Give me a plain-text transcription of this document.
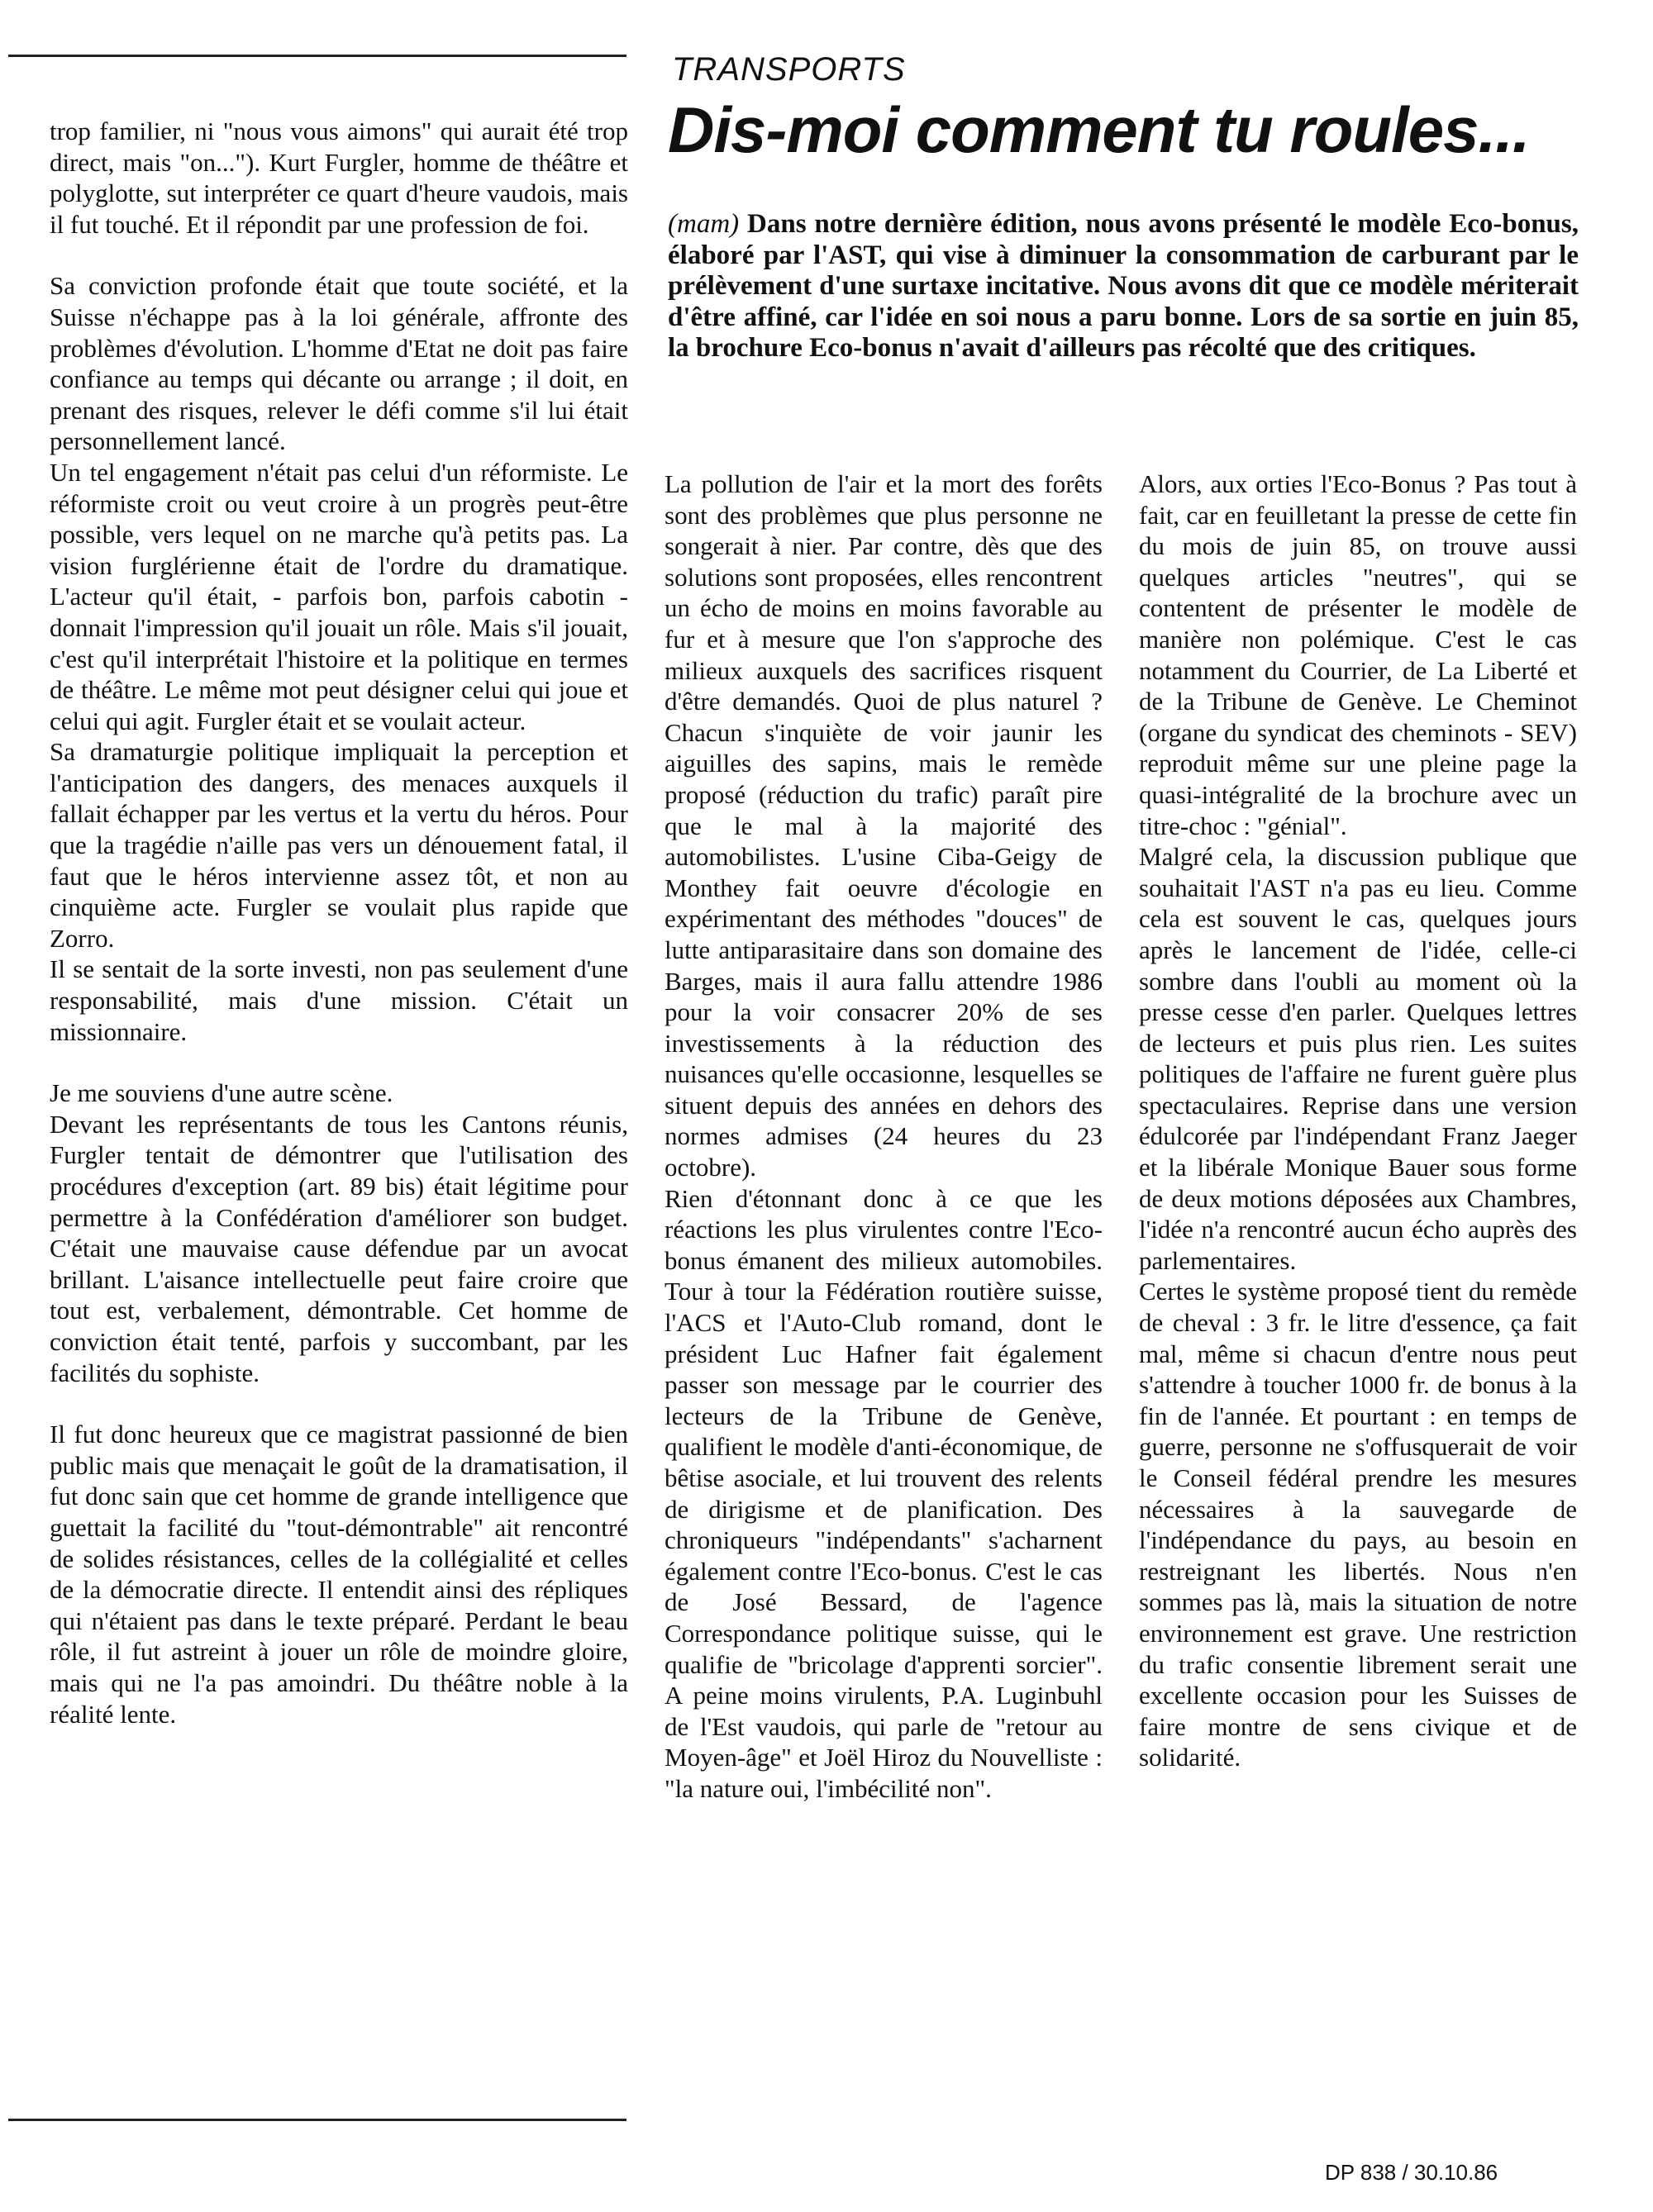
trop familier, ni "nous vous aimons" qui aurait été trop direct, mais "on..."). Kurt Furgler, homme de théâtre et polyglotte, sut interpréter ce quart d'heure vaudois, mais il fut touché. Et il répondit par une profession de foi.

Sa conviction profonde était que toute société, et la Suisse n'échappe pas à la loi générale, affronte des problèmes d'évolution. L'homme d'Etat ne doit pas faire confiance au temps qui décante ou arrange ; il doit, en prenant des risques, relever le défi comme s'il lui était personnellement lancé.

Un tel engagement n'était pas celui d'un réformiste. Le réformiste croit ou veut croire à un progrès peut-être possible, vers lequel on ne marche qu'à petits pas. La vision furglérienne était de l'ordre du dramatique. L'acteur qu'il était, - parfois bon, parfois cabotin - donnait l'impression qu'il jouait un rôle. Mais s'il jouait, c'est qu'il interprétait l'histoire et la politique en termes de théâtre. Le même mot peut désigner celui qui joue et celui qui agit. Furgler était et se voulait acteur.

Sa dramaturgie politique impliquait la perception et l'anticipation des dangers, des menaces auxquels il fallait échapper par les vertus et la vertu du héros. Pour que la tragédie n'aille pas vers un dénouement fatal, il faut que le héros intervienne assez tôt, et non au cinquième acte. Furgler se voulait plus rapide que Zorro.

Il se sentait de la sorte investi, non pas seulement d'une responsabilité, mais d'une mission. C'était un missionnaire.

Je me souviens d'une autre scène.

Devant les représentants de tous les Cantons réunis, Furgler tentait de démontrer que l'utilisation des procédures d'exception (art. 89 bis) était légitime pour permettre à la Confédération d'améliorer son budget. C'était une mauvaise cause défendue par un avocat brillant. L'aisance intellectuelle peut faire croire que tout est, verbalement, démontrable. Cet homme de conviction était tenté, parfois y succombant, par les facilités du sophiste.

Il fut donc heureux que ce magistrat passionné de bien public mais que menaçait le goût de la dramatisation, il fut donc sain que cet homme de grande intelligence que guettait la facilité du "tout-démontrable" ait rencontré de solides résistances, celles de la collégialité et celles de la démocratie directe. Il entendit ainsi des répliques qui n'étaient pas dans le texte préparé. Perdant le beau rôle, il fut astreint à jouer un rôle de moindre gloire, mais qui ne l'a pas amoindri. Du théâtre noble à la réalité lente.

TRANSPORTS
Dis-moi comment tu roules...
(mam) Dans notre dernière édition, nous avons présenté le modèle Eco-bonus, élaboré par l'AST, qui vise à diminuer la consommation de carburant par le prélèvement d'une surtaxe incitative. Nous avons dit que ce modèle mériterait d'être affiné, car l'idée en soi nous a paru bonne. Lors de sa sortie en juin 85, la brochure Eco-bonus n'avait d'ailleurs pas récolté que des critiques.

La pollution de l'air et la mort des forêts sont des problèmes que plus personne ne songerait à nier. Par contre, dès que des solutions sont proposées, elles rencontrent un écho de moins en moins favorable au fur et à mesure que l'on s'approche des milieux auxquels des sacrifices risquent d'être demandés. Quoi de plus naturel ? Chacun s'inquiète de voir jaunir les aiguilles des sapins, mais le remède proposé (réduction du trafic) paraît pire que le mal à la majorité des automobilistes. L'usine Ciba-Geigy de Monthey fait oeuvre d'écologie en expérimentant des méthodes "douces" de lutte antiparasitaire dans son domaine des Barges, mais il aura fallu attendre 1986 pour la voir consacrer 20% de ses investissements à la réduction des nuisances qu'elle occasionne, lesquelles se situent depuis des années en dehors des normes admises (24 heures du 23 octobre).

Rien d'étonnant donc à ce que les réactions les plus virulentes contre l'Eco-bonus émanent des milieux automobiles. Tour à tour la Fédération routière suisse, l'ACS et l'Auto-Club romand, dont le président Luc Hafner fait également passer son message par le courrier des lecteurs de la Tribune de Genève, qualifient le modèle d'anti-économique, de bêtise asociale, et lui trouvent des relents de dirigisme et de planification. Des chroniqueurs "indépendants" s'acharnent également contre l'Eco-bonus. C'est le cas de José Bessard, de l'agence Correspondance politique suisse, qui le qualifie de "bricolage d'apprenti sorcier". A peine moins virulents, P.A. Luginbuhl de l'Est vaudois, qui parle de "retour au Moyen-âge" et Joël Hiroz du Nouvelliste : "la nature oui, l'imbécilité non".

Alors, aux orties l'Eco-Bonus ? Pas tout à fait, car en feuilletant la presse de cette fin du mois de juin 85, on trouve aussi quelques articles "neutres", qui se contentent de présenter le modèle de manière non polémique. C'est le cas notamment du Courrier, de La Liberté et de la Tribune de Genève. Le Cheminot (organe du syndicat des cheminots - SEV) reproduit même sur une pleine page la quasi-intégralité de la brochure avec un titre-choc : "génial".

Malgré cela, la discussion publique que souhaitait l'AST n'a pas eu lieu. Comme cela est souvent le cas, quelques jours après le lancement de l'idée, celle-ci sombre dans l'oubli au moment où la presse cesse d'en parler. Quelques lettres de lecteurs et puis plus rien. Les suites politiques de l'affaire ne furent guère plus spectaculaires. Reprise dans une version édulcorée par l'indépendant Franz Jaeger et la libérale Monique Bauer sous forme de deux motions déposées aux Chambres, l'idée n'a rencontré aucun écho auprès des parlementaires.

Certes le système proposé tient du remède de cheval : 3 fr. le litre d'essence, ça fait mal, même si chacun d'entre nous peut s'attendre à toucher 1000 fr. de bonus à la fin de l'année. Et pourtant : en temps de guerre, personne ne s'offusquerait de voir le Conseil fédéral prendre les mesures nécessaires à la sauvegarde de l'indépendance du pays, au besoin en restreignant les libertés. Nous n'en sommes pas là, mais la situation de notre environnement est grave. Une restriction du trafic consentie librement serait une excellente occasion pour les Suisses de faire montre de sens civique et de solidarité.

DP 838 / 30.10.86
